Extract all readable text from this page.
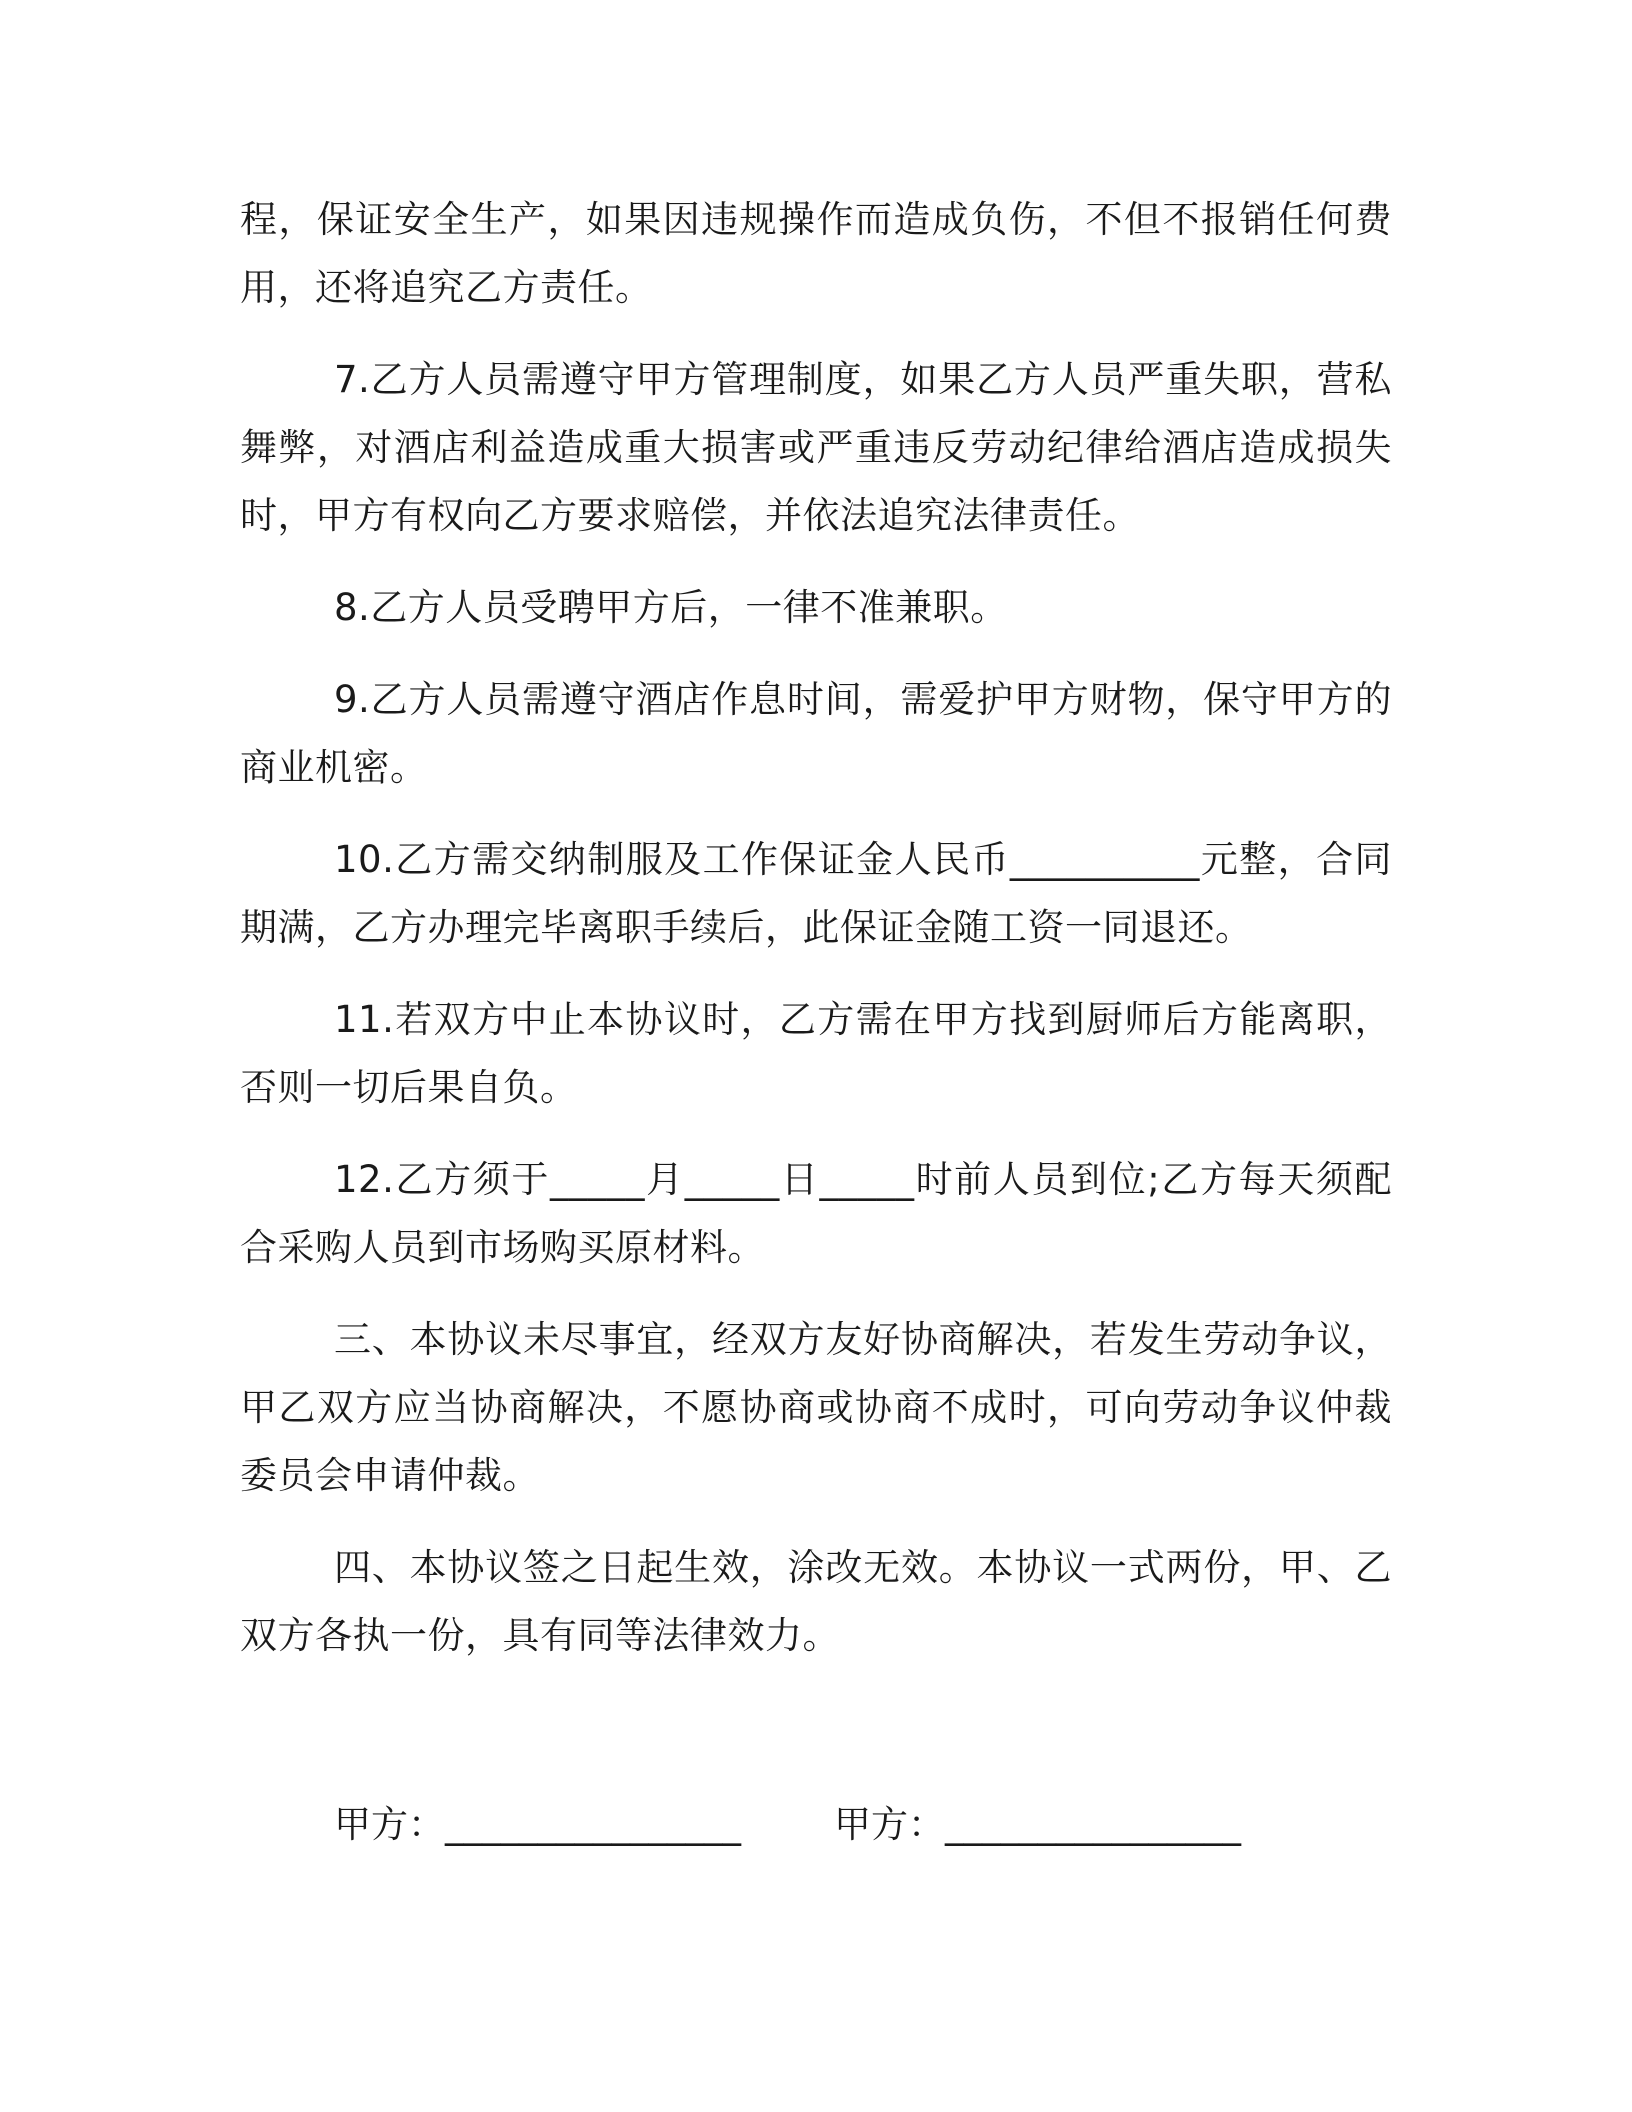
程，保证安全生产，如果因违规操作而造成负伤，不但不报销任何费用，还将追究乙方责任。

7.乙方人员需遵守甲方管理制度，如果乙方人员严重失职，营私舞弊，对酒店利益造成重大损害或严重违反劳动纪律给酒店造成损失时，甲方有权向乙方要求赔偿，并依法追究法律责任。

8.乙方人员受聘甲方后，一律不准兼职。

9.乙方人员需遵守酒店作息时间，需爱护甲方财物，保守甲方的商业机密。

10.乙方需交纳制服及工作保证金人民币__________元整，合同期满，乙方办理完毕离职手续后，此保证金随工资一同退还。

11.若双方中止本协议时，乙方需在甲方找到厨师后方能离职，否则一切后果自负。

12.乙方须于_____月_____日_____时前人员到位;乙方每天须配合采购人员到市场购买原材料。

三、本协议未尽事宜，经双方友好协商解决，若发生劳动争议，甲乙双方应当协商解决，不愿协商或协商不成时，可向劳动争议仲裁委员会申请仲裁。

四、本协议签之日起生效，涂改无效。本协议一式两份，甲、乙双方各执一份，具有同等法律效力。

甲方：________________	甲方：________________
